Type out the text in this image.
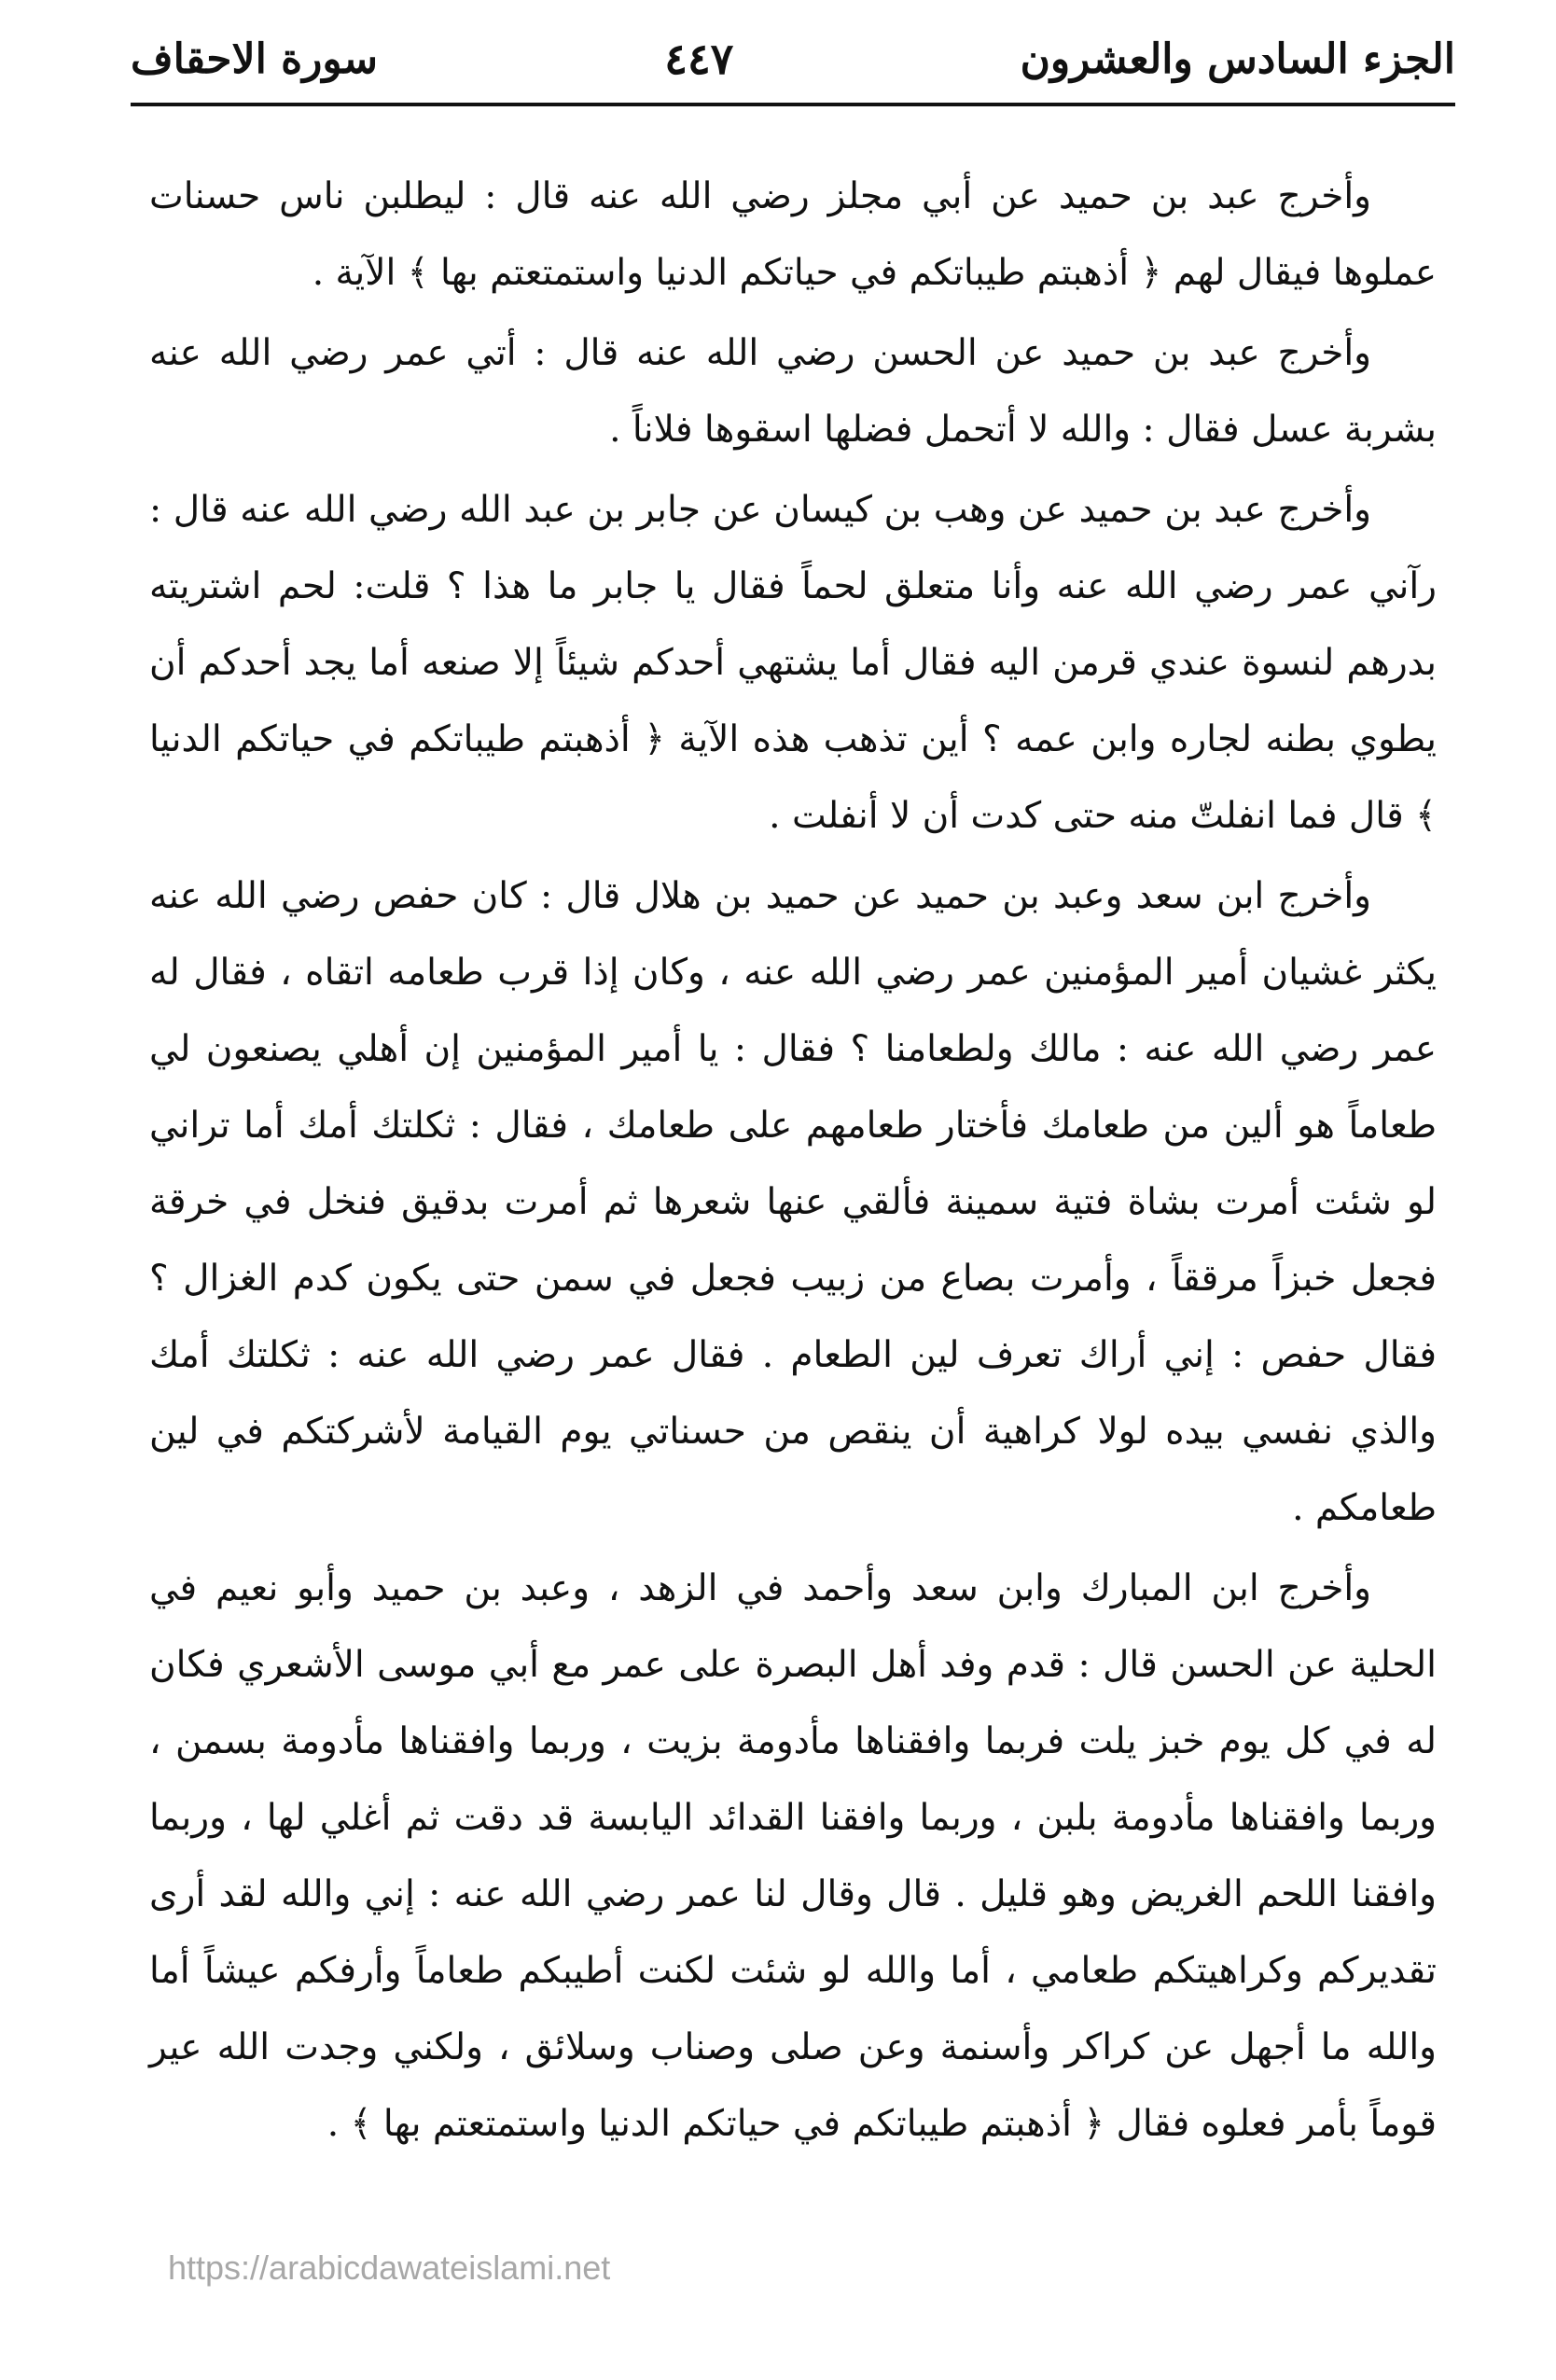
الجزء السادس والعشرون
٤٤٧
سورة الاحقاف

وأخرج عبد بن حميد عن أبي مجلز رضي الله عنه قال : ليطلبن ناس حسنات عملوها فيقال لهم ﴿ أذهبتم طيباتكم في حياتكم الدنيا واستمتعتم بها ﴾ الآية .

وأخرج عبد بن حميد عن الحسن رضي الله عنه قال : أتي عمر رضي الله عنه بشربة عسل فقال : والله لا أتحمل فضلها اسقوها فلاناً .

وأخرج عبد بن حميد عن وهب بن كيسان عن جابر بن عبد الله رضي الله عنه قال : رآني عمر رضي الله عنه وأنا متعلق لحماً فقال يا جابر ما هذا ؟ قلت: لحم اشتريته بدرهم لنسوة عندي قرمن اليه فقال أما يشتهي أحدكم شيئاً إلا صنعه أما يجد أحدكم أن يطوي بطنه لجاره وابن عمه ؟ أين تذهب هذه الآية ﴿ أذهبتم طيباتكم في حياتكم الدنيا ﴾ قال فما انفلتّ منه حتى كدت أن لا أنفلت .

وأخرج ابن سعد وعبد بن حميد عن حميد بن هلال قال : كان حفص رضي الله عنه يكثر غشيان أمير المؤمنين عمر رضي الله عنه ، وكان إذا قرب طعامه اتقاه ، فقال له عمر رضي الله عنه : مالك ولطعامنا ؟ فقال : يا أمير المؤمنين إن أهلي يصنعون لي طعاماً هو ألين من طعامك فأختار طعامهم على طعامك ، فقال : ثكلتك أمك أما تراني لو شئت أمرت بشاة فتية سمينة فألقي عنها شعرها ثم أمرت بدقيق فنخل في خرقة فجعل خبزاً مرققاً ، وأمرت بصاع من زبيب فجعل في سمن حتى يكون كدم الغزال ؟ فقال حفص : إني أراك تعرف لين الطعام . فقال عمر رضي الله عنه : ثكلتك أمك والذي نفسي بيده لولا كراهية أن ينقص من حسناتي يوم القيامة لأشركتكم في لين طعامكم .

وأخرج ابن المبارك وابن سعد وأحمد في الزهد ، وعبد بن حميد وأبو نعيم في الحلية عن الحسن قال : قدم وفد أهل البصرة على عمر مع أبي موسى الأشعري فكان له في كل يوم خبز يلت فربما وافقناها مأدومة بزيت ، وربما وافقناها مأدومة بسمن ، وربما وافقناها مأدومة بلبن ، وربما وافقنا القدائد اليابسة قد دقت ثم أغلي لها ، وربما وافقنا اللحم الغريض وهو قليل . قال وقال لنا عمر رضي الله عنه : إني والله لقد أرى تقديركم وكراهيتكم طعامي ، أما والله لو شئت لكنت أطيبكم طعاماً وأرفكم عيشاً أما والله ما أجهل عن كراكر وأسنمة وعن صلى وصناب وسلائق ، ولكني وجدت الله عير قوماً بأمر فعلوه فقال ﴿ أذهبتم طيباتكم في حياتكم الدنيا واستمتعتم بها ﴾ .

https://arabicdawateislami.net
